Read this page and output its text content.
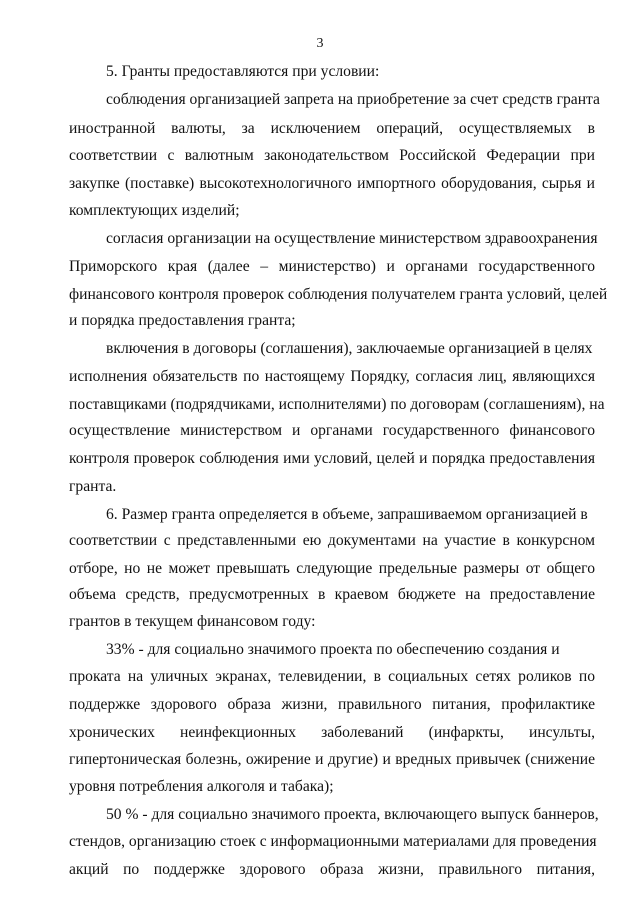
3
5. Гранты предоставляются при условии:
соблюдения организацией запрета на приобретение за счет средств гранта
иностранной валюты, за исключением операций, осуществляемых в
соответствии с валютным законодательством Российской Федерации при
закупке (поставке) высокотехнологичного импортного оборудования, сырья и
комплектующих изделий;
согласия организации на осуществление министерством здравоохранения
Приморского края (далее – министерство) и органами государственного
финансового контроля проверок соблюдения получателем гранта условий, целей
и порядка предоставления гранта;
включения в договоры (соглашения), заключаемые организацией в целях
исполнения обязательств по настоящему Порядку, согласия лиц, являющихся
поставщиками (подрядчиками, исполнителями) по договорам (соглашениям), на
осуществление министерством и органами государственного финансового
контроля проверок соблюдения ими условий, целей и порядка предоставления
гранта.
6. Размер гранта определяется в объеме, запрашиваемом организацией в
соответствии с представленными ею документами на участие в конкурсном
отборе, но не может превышать следующие предельные размеры от общего
объема средств, предусмотренных в краевом бюджете на предоставление
грантов в текущем финансовом году:
33% - для социально значимого проекта по обеспечению создания и
проката на уличных экранах, телевидении, в социальных сетях роликов по
поддержке здорового образа жизни, правильного питания, профилактике
хронических неинфекционных заболеваний (инфаркты, инсульты,
гипертоническая болезнь, ожирение и другие) и вредных привычек (снижение
уровня потребления алкоголя и табака);
50 % - для социально значимого проекта, включающего выпуск баннеров,
стендов, организацию стоек с информационными материалами для проведения
акций по поддержке здорового образа жизни, правильного питания,
